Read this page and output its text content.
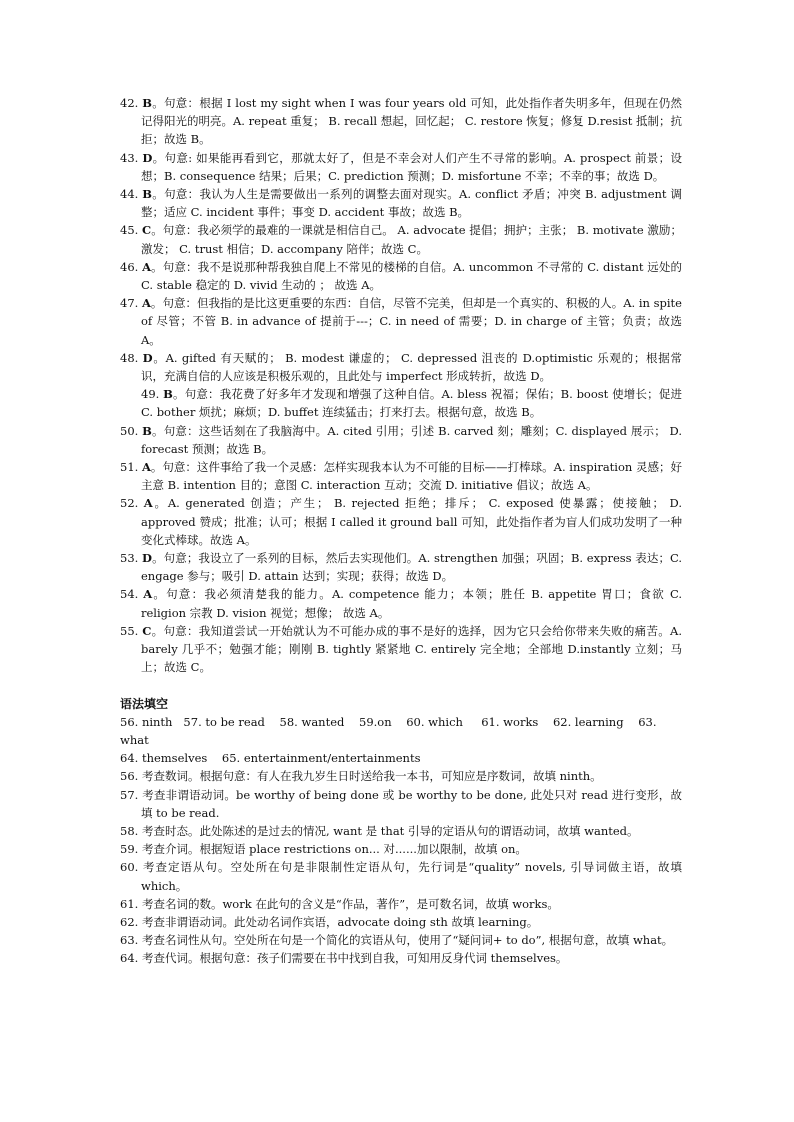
42. B。句意：根据 I lost my sight when I was four years old 可知，此处指作者失明多年，但现在仍然记得阳光的明亮。A. repeat 重复； B. recall 想起，回忆起； C. restore 恢复；修复 D.resist 抵制；抗拒；故选 B。

43. D。句意: 如果能再看到它，那就太好了，但是不幸会对人们产生不寻常的影响。A. prospect 前景；设想；B. consequence 结果；后果；C. prediction 预测；D. misfortune 不幸；不幸的事；故选 D。

44. B。句意：我认为人生是需要做出一系列的调整去面对现实。A. conflict 矛盾；冲突 B. adjustment 调整；适应 C. incident 事件；事变 D. accident 事故；故选 B。

45. C。句意：我必须学的最难的一课就是相信自己。 A. advocate 提倡；拥护；主张； B. motivate 激励；激发； C. trust 相信；D. accompany 陪伴；故选 C。

46. A。句意：我不是说那种帮我独自爬上不常见的楼梯的自信。A. uncommon 不寻常的 C. distant 远处的 C. stable 稳定的 D. vivid 生动的 ； 故选 A。

47. A。句意：但我指的是比这更重要的东西：自信，尽管不完美，但却是一个真实的、积极的人。A. in spite of 尽管；不管 B. in advance of 提前于---；C. in need of 需要；D. in charge of 主管；负责；故选 A。

48. D。A. gifted 有天赋的； B. modest 谦虚的； C. depressed 沮丧的 D.optimistic 乐观的；根据常识，充满自信的人应该是积极乐观的，且此处与 imperfect 形成转折，故选 D。

49. B。句意：我花费了好多年才发现和增强了这种自信。A. bless 祝福；保佑；B. boost 使增长；促进 C. bother 烦扰；麻烦；D. buffet 连续猛击；打来打去。根据句意，故选 B。

50. B。句意：这些话刻在了我脑海中。A. cited 引用；引述 B. carved 刻；雕刻；C. displayed 展示； D. forecast 预测；故选 B。

51. A。句意：这件事给了我一个灵感：怎样实现我本认为不可能的目标——打棒球。A. inspiration 灵感；好主意 B. intention 目的；意图 C. interaction 互动；交流 D. initiative 倡议；故选 A。

52. A。A. generated 创造；产生； B. rejected 拒绝；排斥； C. exposed 使暴露；使接触； D. approved 赞成；批准；认可；根据 I called it ground ball 可知，此处指作者为盲人们成功发明了一种变化式棒球。故选 A。

53. D。句意；我设立了一系列的目标，然后去实现他们。A. strengthen 加强；巩固；B. express 表达；C. engage 参与；吸引 D. attain 达到；实现；获得；故选 D。

54. A。句意：我必须清楚我的能力。A. competence 能力；本领；胜任 B. appetite 胃口；食欲 C. religion 宗教 D. vision 视觉；想像； 故选 A。

55. C。句意：我知道尝试一开始就认为不可能办成的事不是好的选择，因为它只会给你带来失败的痛苦。A. barely 几乎不；勉强才能；刚刚 B. tightly 紧紧地 C. entirely 完全地；全部地 D.instantly 立刻；马上；故选 C。

语法填空

56. ninth   57. to be read    58. wanted    59.on    60. which     61. works    62. learning    63. what

64. themselves    65. entertainment/entertainments

56. 考查数词。根据句意：有人在我九岁生日时送给我一本书，可知应是序数词，故填 ninth。

57. 考查非谓语动词。be worthy of being done 或 be worthy to be done, 此处只对 read 进行变形，故填 to be read.

58. 考查时态。此处陈述的是过去的情况, want 是 that 引导的定语从句的谓语动词，故填 wanted。

59. 考查介词。根据短语 place restrictions on... 对......加以限制，故填 on。

60. 考查定语从句。空处所在句是非限制性定语从句，先行词是“quality” novels, 引导词做主语，故填 which。

61. 考查名词的数。work 在此句的含义是“作品，著作”，是可数名词，故填 works。

62. 考查非谓语动词。此处动名词作宾语，advocate doing sth 故填 learning。

63. 考查名词性从句。空处所在句是一个简化的宾语从句，使用了“疑问词+ to do”, 根据句意，故填 what。

64. 考查代词。根据句意：孩子们需要在书中找到自我，可知用反身代词 themselves。
